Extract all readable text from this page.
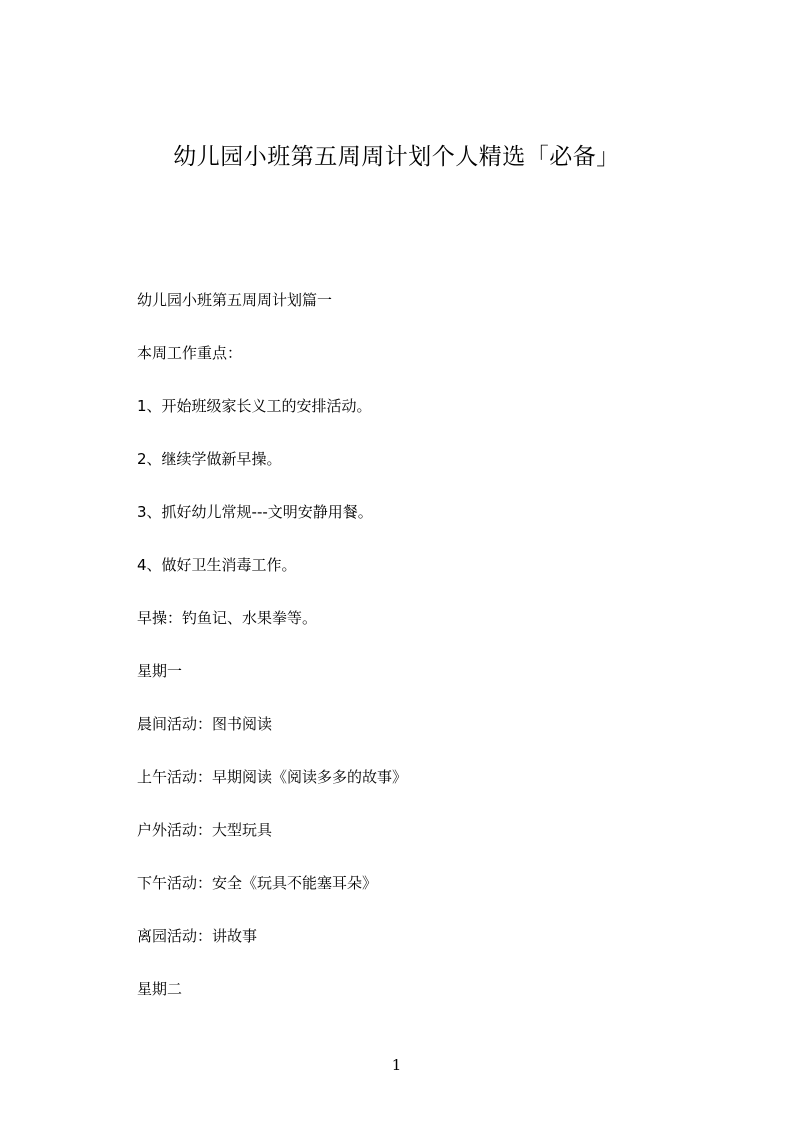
幼儿园小班第五周周计划个人精选「必备」
幼儿园小班第五周周计划篇一
本周工作重点：
1、开始班级家长义工的安排活动。
2、继续学做新早操。
3、抓好幼儿常规---文明安静用餐。
4、做好卫生消毒工作。
早操：钓鱼记、水果拳等。
星期一
晨间活动：图书阅读
上午活动：早期阅读《阅读多多的故事》
户外活动：大型玩具
下午活动：安全《玩具不能塞耳朵》
离园活动：讲故事
星期二
1
